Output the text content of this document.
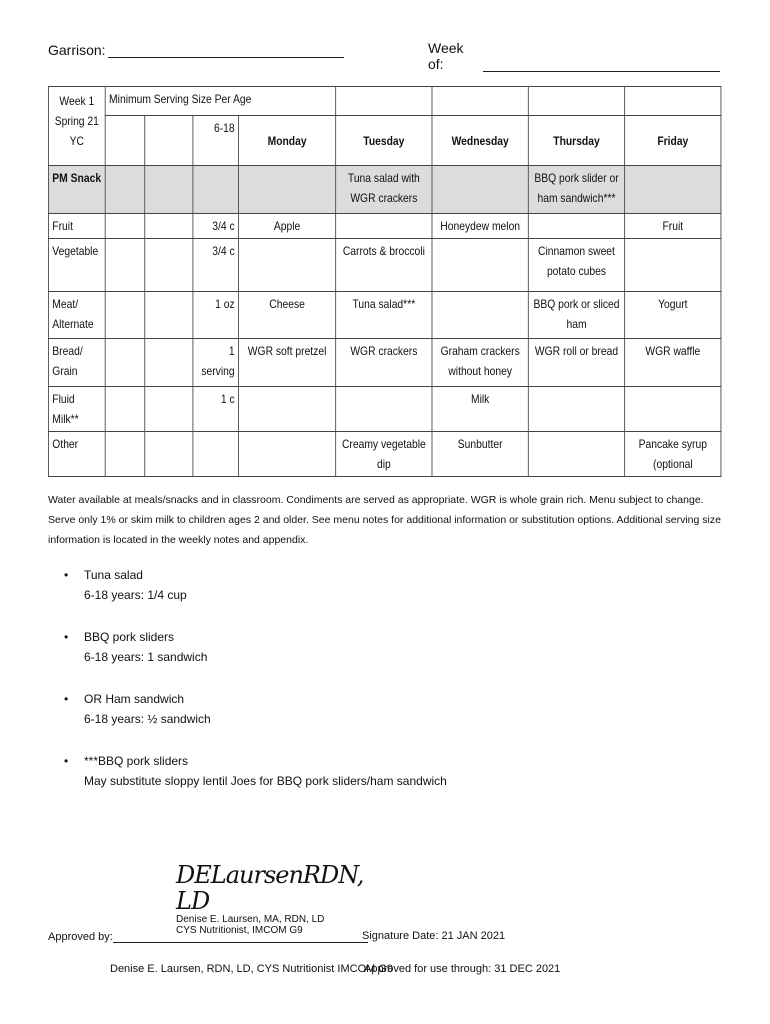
Garrison:	Week of:
Week 1 Spring 21 YC	Minimum Serving Size Per Age							
			6-18	Monday	Tuesday	Wednesday	Thursday	Friday
PM Snack					Tuna salad with WGR crackers		BBQ pork slider or ham sandwich***	
Fruit			3/4 c	Apple		Honeydew melon		Fruit
Vegetable			3/4 c		Carrots & broccoli		Cinnamon sweet potato cubes	
Meat/ Alternate			1 oz	Cheese	Tuna salad***		BBQ pork or sliced ham	Yogurt
Bread/ Grain			1 serving	WGR soft pretzel	WGR crackers	Graham crackers without honey	WGR roll or bread	WGR waffle
Fluid Milk**			1 c			Milk		
Other					Creamy vegetable dip	Sunbutter		Pancake syrup (optional
Water available at meals/snacks and in classroom. Condiments are served as appropriate. WGR is whole grain rich. Menu subject to change. Serve only 1% or skim milk to children ages 2 and older. See menu notes for additional information or substitution options. Additional serving size information is located in the weekly notes and appendix.
• Tuna salad
6-18 years: 1/4 cup
• BBQ pork sliders
6-18 years: 1 sandwich
• OR Ham sandwich
6-18 years: ½ sandwich
• ***BBQ pork sliders
May substitute sloppy lentil Joes for BBQ pork sliders/ham sandwich
DELaursenRDN, LD
Denise E. Laursen, MA, RDN, LD
CYS Nutritionist, IMCOM G9
Approved by:	Signature Date: 21 JAN 2021
Denise E. Laursen, RDN, LD, CYS Nutritionist IMCOM G9
Approved for use through: 31 DEC 2021
